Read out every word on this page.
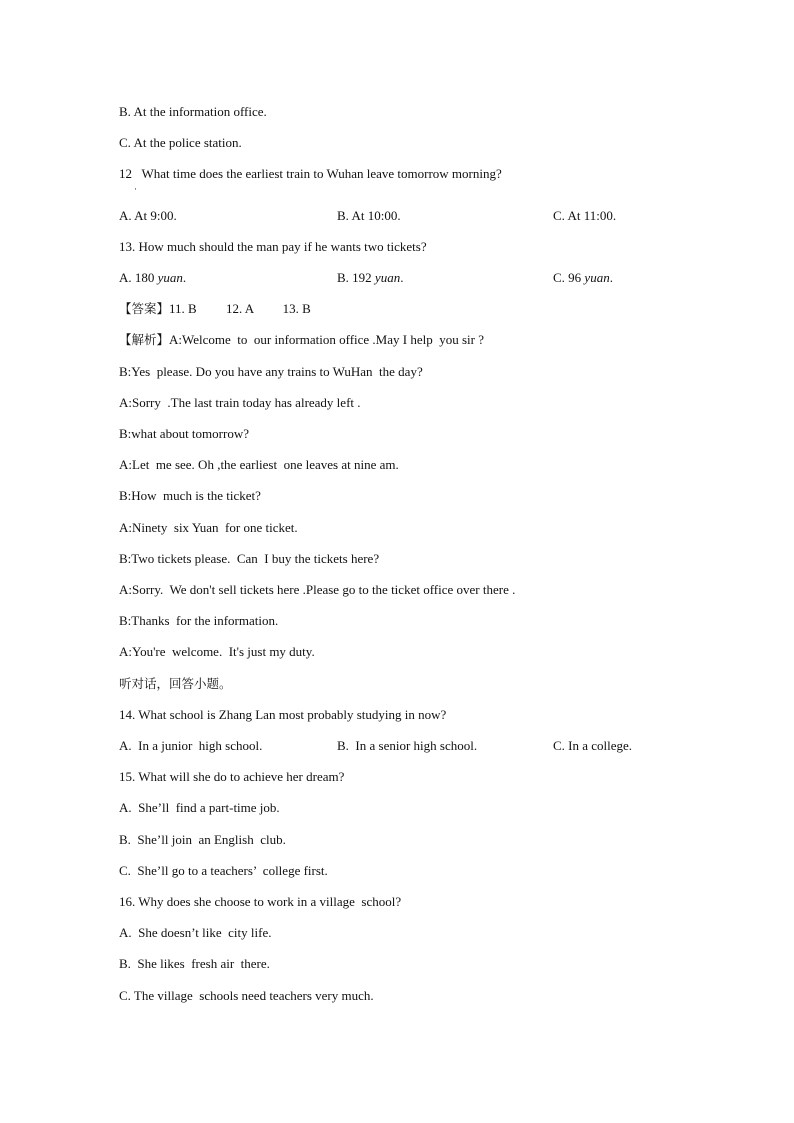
B. At the information office.
C. At the police station.
12   What time does the earliest train to Wuhan leave tomorrow morning?
·
A. At 9:00.	B. At 10:00.	C. At 11:00.
13. How much should the man pay if he wants two tickets?
A. 180 yuan.	B. 192 yuan.	C. 96 yuan.
【答案】11. B         12. A         13. B
【解析】A:Welcome  to  our information office .May I help  you sir ?
B:Yes  please. Do you have any trains to WuHan  the day?
A:Sorry  .The last train today has already left .
B:what about tomorrow?
A:Let  me see. Oh ,the earliest  one leaves at nine am.
B:How  much is the ticket?
A:Ninety  six Yuan  for one ticket.
B:Two tickets please.  Can  I buy the tickets here?
A:Sorry.  We don't sell tickets here .Please go to the ticket office over there .
B:Thanks  for the information.
A:You're  welcome.  It's just my duty.
听对话，回答小题。
14. What school is Zhang Lan most probably studying in now?
A.  In a junior  high school.	B.  In a senior high school.	C. In a college.
15. What will she do to achieve her dream?
A.  She’ll  find a part-time job.
B.  She’ll join  an English  club.
C.  She’ll go to a teachers’  college first.
16. Why does she choose to work in a village  school?
A.  She doesn’t like  city life.
B.  She likes  fresh air  there.
C. The village  schools need teachers very much.
